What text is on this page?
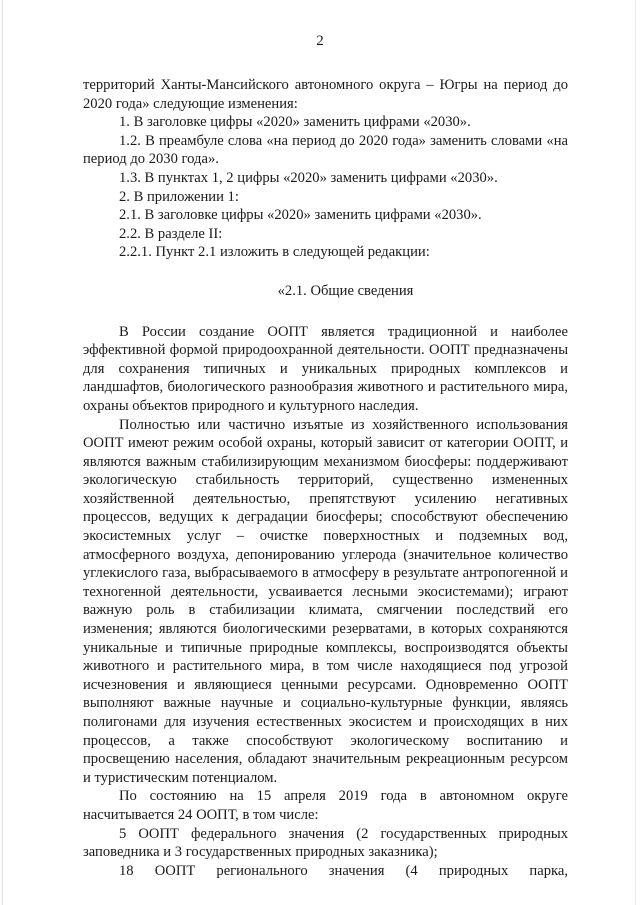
2

территорий Ханты-Мансийского автономного округа – Югры на период до 2020 года» следующие изменения:

1. В заголовке цифры «2020» заменить цифрами «2030».

1.2. В преамбуле слова «на период до 2020 года» заменить словами «на период до 2030 года».

1.3. В пунктах 1, 2 цифры «2020» заменить цифрами «2030».

2. В приложении 1:

2.1. В заголовке цифры «2020» заменить цифрами «2030».

2.2. В разделе II:

2.2.1. Пункт 2.1 изложить в следующей редакции:

«2.1. Общие сведения

В России создание ООПТ является традиционной и наиболее эффективной формой природоохранной деятельности. ООПТ предназначены для сохранения типичных и уникальных природных комплексов и ландшафтов, биологического разнообразия животного и растительного мира, охраны объектов природного и культурного наследия.

Полностью или частично изъятые из хозяйственного использования ООПТ имеют режим особой охраны, который зависит от категории ООПТ, и являются важным стабилизирующим механизмом биосферы: поддерживают экологическую стабильность территорий, существенно измененных хозяйственной деятельностью, препятствуют усилению негативных процессов, ведущих к деградации биосферы; способствуют обеспечению экосистемных услуг – очистке поверхностных и подземных вод, атмосферного воздуха, депонированию углерода (значительное количество углекислого газа, выбрасываемого в атмосферу в результате антропогенной и техногенной деятельности, усваивается лесными экосистемами); играют важную роль в стабилизации климата, смягчении последствий его изменения; являются биологическими резерватами, в которых сохраняются уникальные и типичные природные комплексы, воспроизводятся объекты животного и растительного мира, в том числе находящиеся под угрозой исчезновения и являющиеся ценными ресурсами. Одновременно ООПТ выполняют важные научные и социально-культурные функции, являясь полигонами для изучения естественных экосистем и происходящих в них процессов, а также способствуют экологическому воспитанию и просвещению населения, обладают значительным рекреационным ресурсом и туристическим потенциалом.

По состоянию на 15 апреля 2019 года в автономном округе насчитывается 24 ООПТ, в том числе:

5 ООПТ федерального значения (2 государственных природных заповедника и 3 государственных природных заказника);

18 ООПТ регионального значения (4 природных парка,
